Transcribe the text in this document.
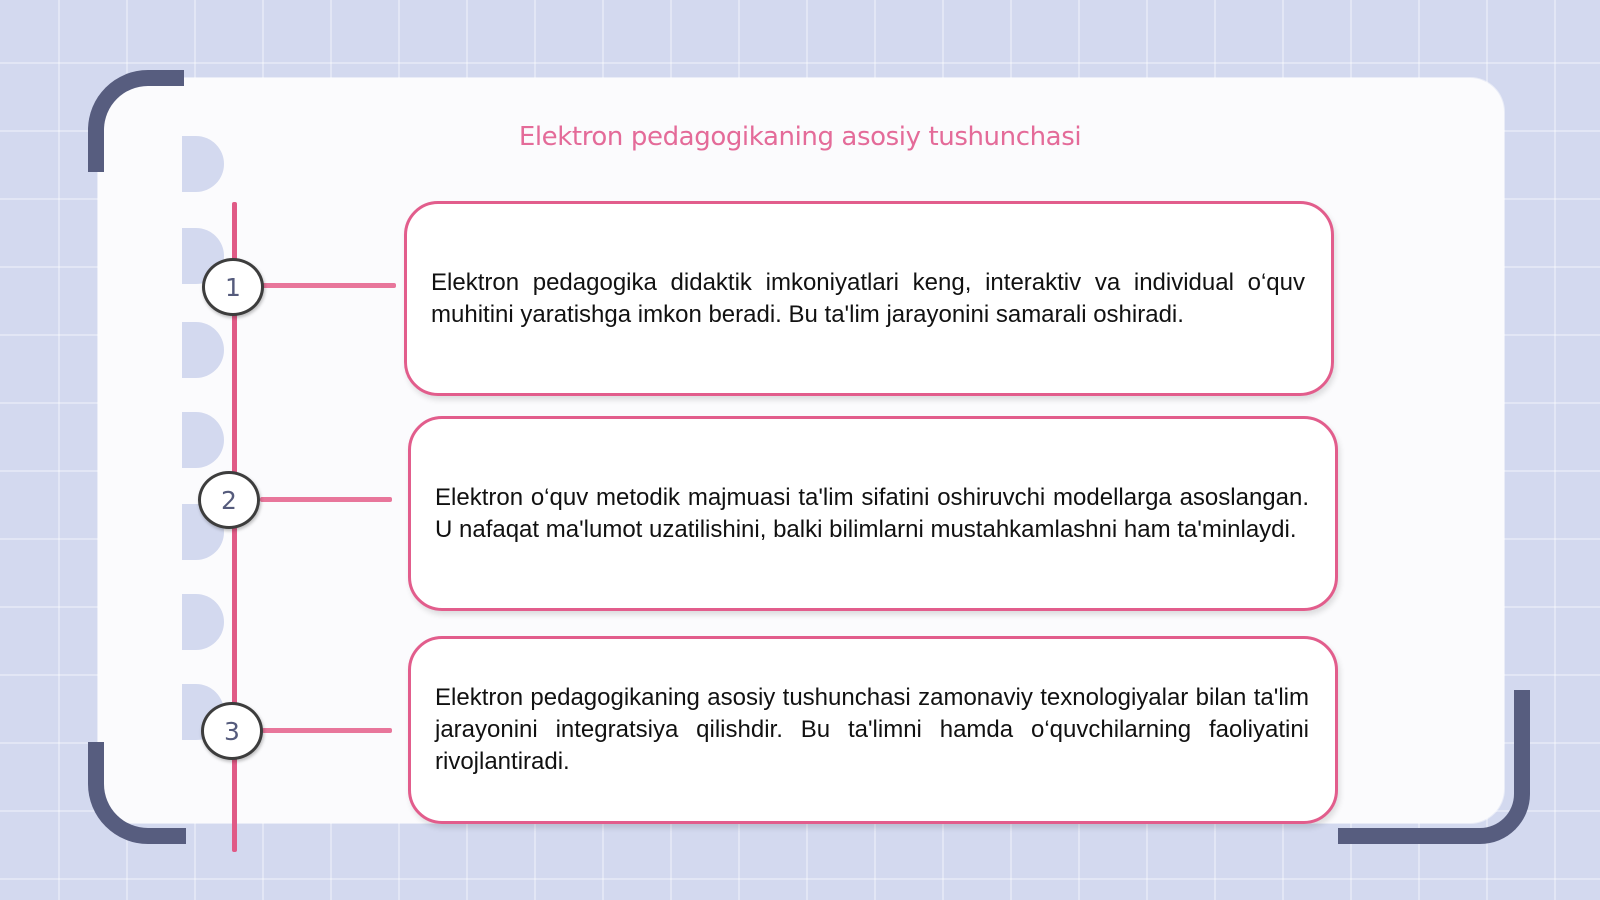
Elektron pedagogikaning asosiy tushunchasi
1
2
3

Elektron pedagogika didaktik imkoniyatlari keng, interaktiv va individual o‘quv muhitini yaratishga imkon beradi. Bu ta'lim jarayonini samarali oshiradi.

Elektron o‘quv metodik majmuasi ta'lim sifatini oshiruvchi modellarga asoslangan. U nafaqat ma'lumot uzatilishini, balki bilimlarni mustahkamlashni ham ta'minlaydi.

Elektron pedagogikaning asosiy tushunchasi zamonaviy texnologiyalar bilan ta'lim jarayonini integratsiya qilishdir. Bu ta'limni hamda o‘quvchilarning faoliyatini rivojlantiradi.
